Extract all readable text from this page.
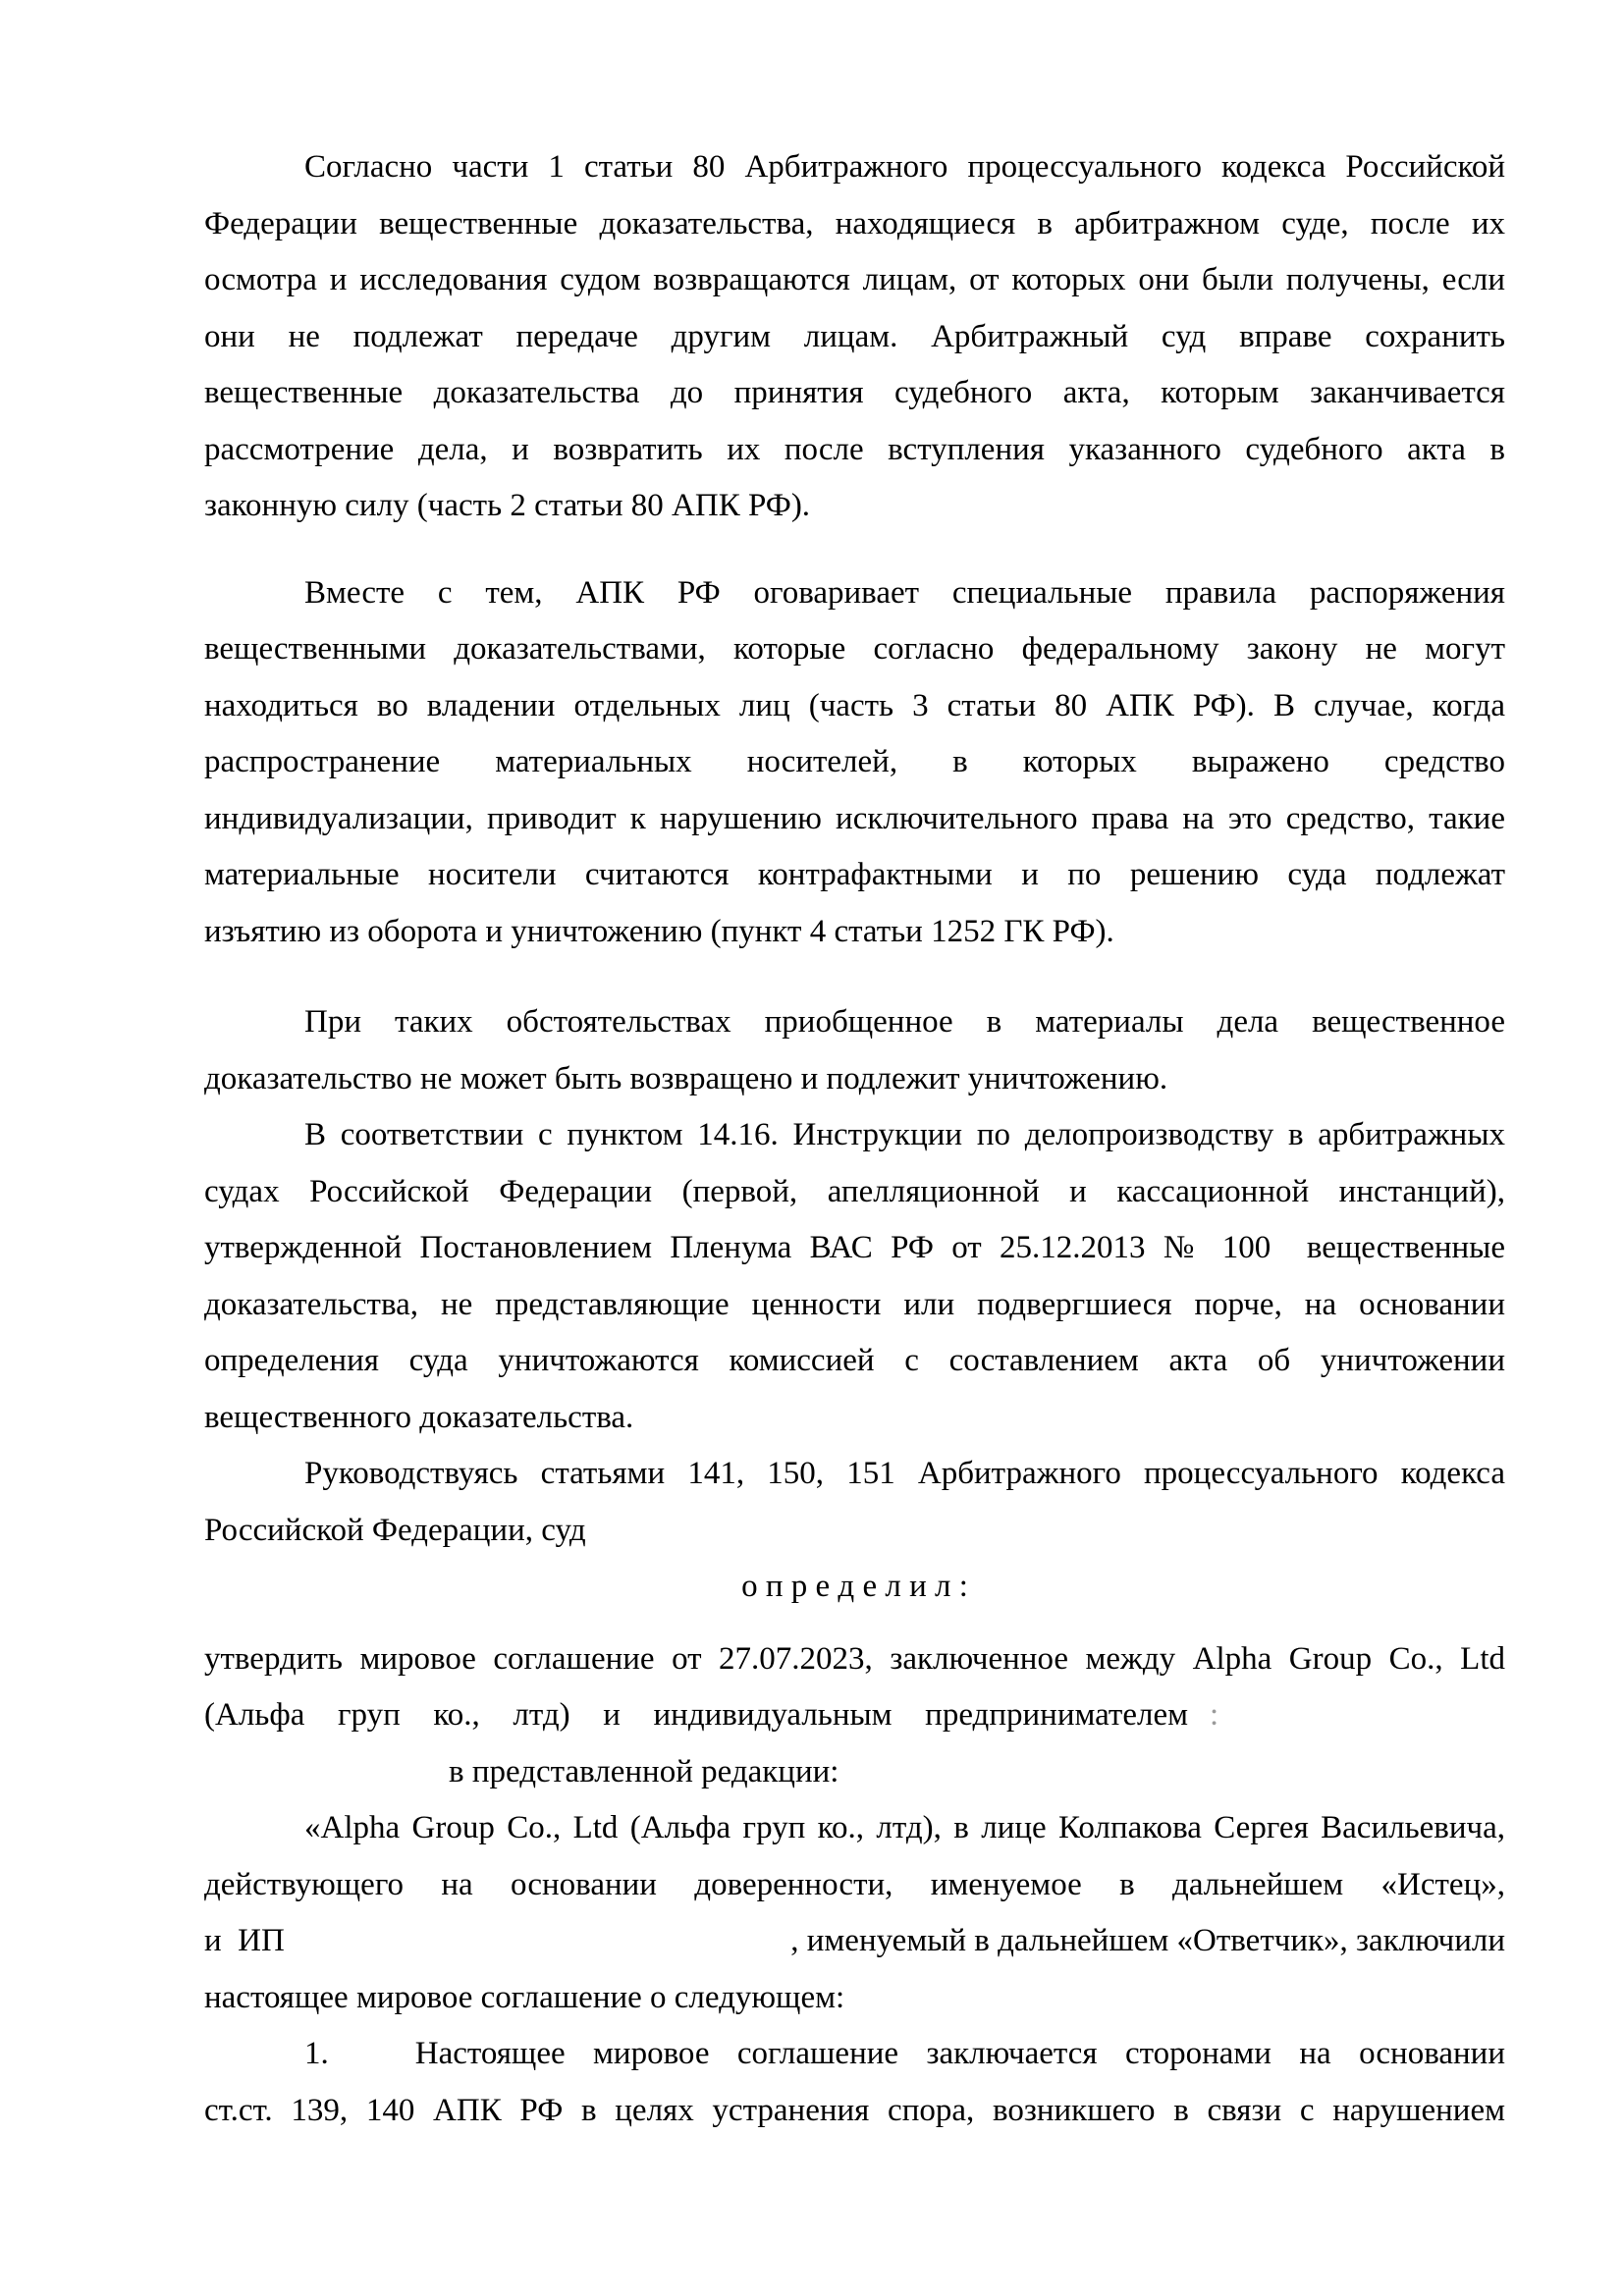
Согласно части 1 статьи 80 Арбитражного процессуального кодекса Российской
Федерации вещественные доказательства, находящиеся в арбитражном суде, после их
осмотра и исследования судом возвращаются лицам, от которых они были получены, если
они не подлежат передаче другим лицам. Арбитражный суд вправе сохранить
вещественные доказательства до принятия судебного акта, которым заканчивается
рассмотрение дела, и возвратить их после вступления указанного судебного акта в
законную силу (часть 2 статьи 80 АПК РФ).
Вместе с тем, АПК РФ оговаривает специальные правила распоряжения
вещественными доказательствами, которые согласно федеральному закону не могут
находиться во владении отдельных лиц (часть 3 статьи 80 АПК РФ). В случае, когда
распространение материальных носителей, в которых выражено средство
индивидуализации, приводит к нарушению исключительного права на это средство, такие
материальные носители считаются контрафактными и по решению суда подлежат
изъятию из оборота и уничтожению (пункт 4 статьи 1252 ГК РФ).
При таких обстоятельствах приобщенное в материалы дела вещественное
доказательство не может быть возвращено и подлежит уничтожению.
В соответствии с пунктом 14.16. Инструкции по делопроизводству в арбитражных
судах Российской Федерации (первой, апелляционной и кассационной инстанций),
утвержденной Постановлением Пленума ВАС РФ от 25.12.2013 № 100  вещественные
доказательства, не представляющие ценности или подвергшиеся порче, на основании
определения суда уничтожаются комиссией с составлением акта об уничтожении
вещественного доказательства.
Руководствуясь статьями 141, 150, 151 Арбитражного процессуального кодекса
Российской Федерации, суд
о п р е д е л и л :
утвердить мировое соглашение от 27.07.2023, заключенное между Alpha Group Co., Ltd
(Альфа груп ко., лтд) и индивидуальным предпринимателем :
в представленной редакции:
«Alpha Group Co., Ltd (Альфа груп ко., лтд), в лице Колпакова Сергея Васильевича,
действующего на основании доверенности, именуемое в дальнейшем «Истец»,
и  ИП	, именуемый в дальнейшем «Ответчик», заключили
настоящее мировое соглашение о следующем:
1.	Настоящее мировое соглашение заключается сторонами на основании
ст.ст. 139, 140 АПК РФ в целях устранения спора, возникшего в связи с нарушением
